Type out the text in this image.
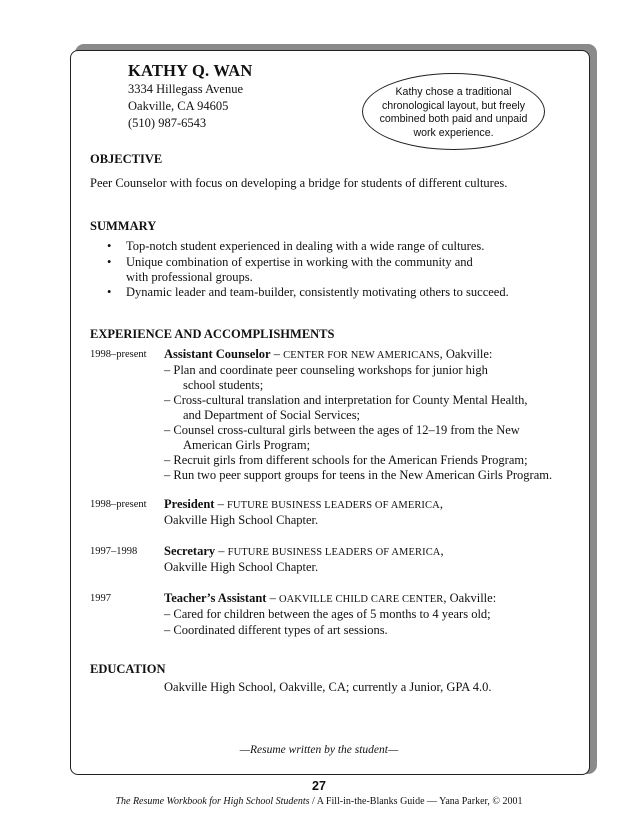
KATHY Q. WAN
3334 Hillegass Avenue
Oakville, CA 94605
(510) 987-6543
Kathy chose a traditional
chronological layout, but freely
combined both paid and unpaid
work experience.
OBJECTIVE
Peer Counselor with focus on developing a bridge for students of different cultures.
SUMMARY
• Top-notch student experienced in dealing with a wide range of cultures.
• Unique combination of expertise in working with the community and
with professional groups.
• Dynamic leader and team-builder, consistently motivating others to succeed.
EXPERIENCE AND ACCOMPLISHMENTS
1998–present Assistant Counselor – CENTER FOR NEW AMERICANS, Oakville:
– Plan and coordinate peer counseling workshops for junior high
school students;
– Cross-cultural translation and interpretation for County Mental Health,
and Department of Social Services;
– Counsel cross-cultural girls between the ages of 12–19 from the New
American Girls Program;
– Recruit girls from different schools for the American Friends Program;
– Run two peer support groups for teens in the New American Girls Program.
1998–present President – FUTURE BUSINESS LEADERS OF AMERICA,
Oakville High School Chapter.
1997–1998 Secretary – FUTURE BUSINESS LEADERS OF AMERICA,
Oakville High School Chapter.
1997	Teacher’s Assistant – OAKVILLE CHILD CARE CENTER, Oakville:
– Cared for children between the ages of 5 months to 4 years old;
– Coordinated different types of art sessions.
EDUCATION
Oakville High School, Oakville, CA; currently a Junior, GPA 4.0.
—Resume written by the student—
27
The Resume Workbook for High School Students / A Fill-in-the-Blanks Guide — Yana Parker, © 2001
